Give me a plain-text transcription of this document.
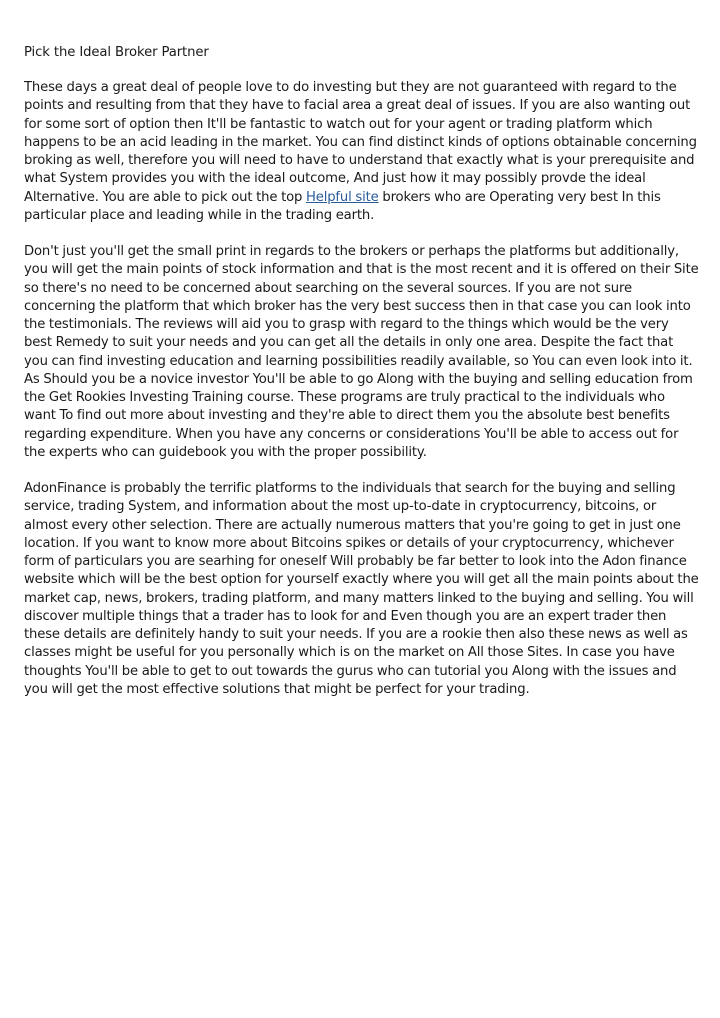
Pick the Ideal Broker Partner

These days a great deal of people love to do investing but they are not guaranteed with regard to the points and resulting from that they have to facial area a great deal of issues. If you are also wanting out for some sort of option then It'll be fantastic to watch out for your agent or trading platform which happens to be an acid leading in the market. You can find distinct kinds of options obtainable concerning broking as well, therefore you will need to have to understand that exactly what is your prerequisite and what System provides you with the ideal outcome, And just how it may possibly provde the ideal Alternative. You are able to pick out the top Helpful site brokers who are Operating very best In this particular place and leading while in the trading earth.

Don't just you'll get the small print in regards to the brokers or perhaps the platforms but additionally, you will get the main points of stock information and that is the most recent and it is offered on their Site so there's no need to be concerned about searching on the several sources. If you are not sure concerning the platform that which broker has the very best success then in that case you can look into the testimonials. The reviews will aid you to grasp with regard to the things which would be the very best Remedy to suit your needs and you can get all the details in only one area. Despite the fact that you can find investing education and learning possibilities readily available, so You can even look into it. As Should you be a novice investor You'll be able to go Along with the buying and selling education from the Get Rookies Investing Training course. These programs are truly practical to the individuals who want To find out more about investing and they're able to direct them you the absolute best benefits regarding expenditure. When you have any concerns or considerations You'll be able to access out for the experts who can guidebook you with the proper possibility.

AdonFinance is probably the terrific platforms to the individuals that search for the buying and selling service, trading System, and information about the most up-to-date in cryptocurrency, bitcoins, or almost every other selection. There are actually numerous matters that you're going to get in just one location. If you want to know more about Bitcoins spikes or details of your cryptocurrency, whichever form of particulars you are searhing for oneself Will probably be far better to look into the Adon finance website which will be the best option for yourself exactly where you will get all the main points about the market cap, news, brokers, trading platform, and many matters linked to the buying and selling. You will discover multiple things that a trader has to look for and Even though you are an expert trader then these details are definitely handy to suit your needs. If you are a rookie then also these news as well as classes might be useful for you personally which is on the market on All those Sites. In case you have thoughts You'll be able to get to out towards the gurus who can tutorial you Along with the issues and you will get the most effective solutions that might be perfect for your trading.
